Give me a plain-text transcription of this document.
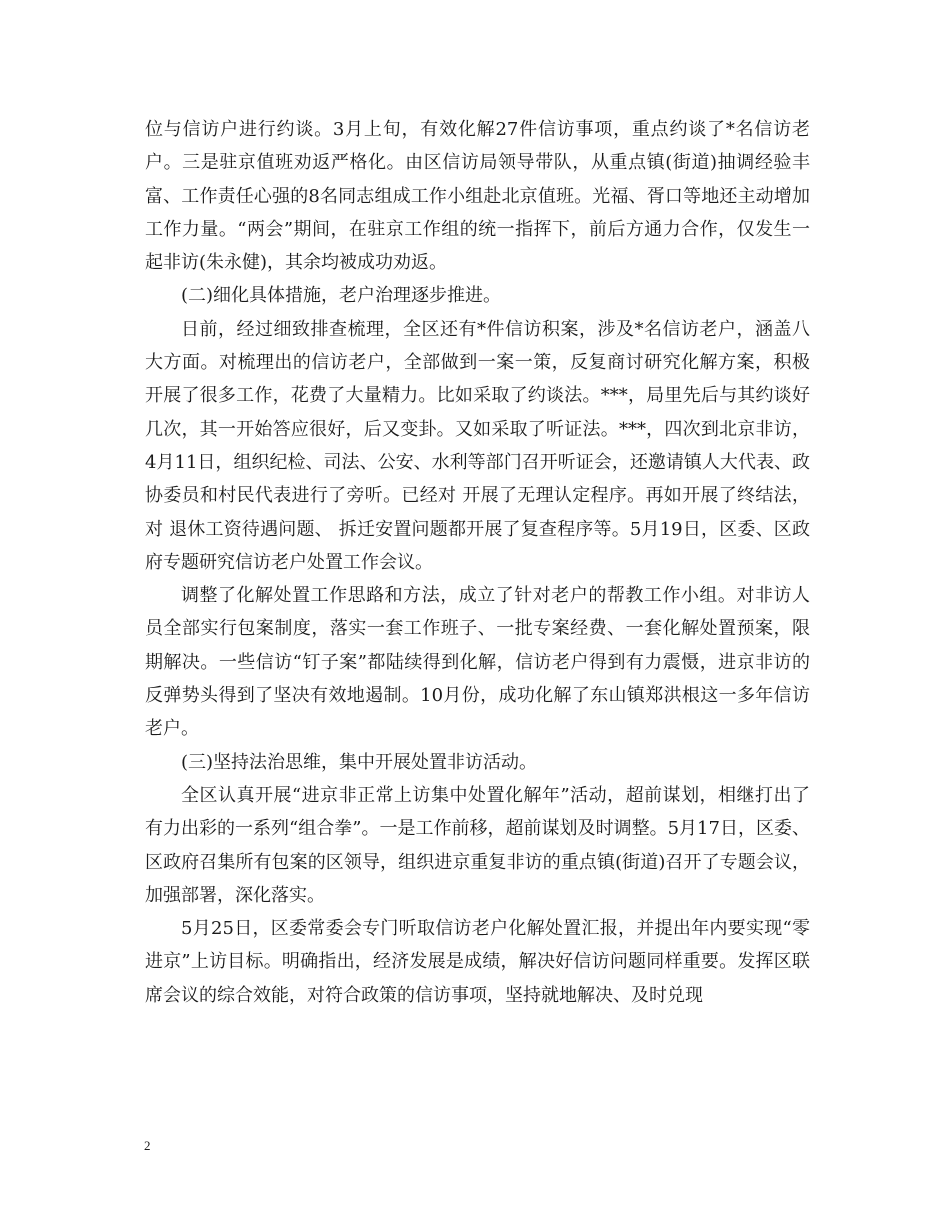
位与信访户进行约谈。3月上旬，有效化解27件信访事项，重点约谈了*名信访老户。三是驻京值班劝返严格化。由区信访局领导带队，从重点镇(街道)抽调经验丰富、工作责任心强的8名同志组成工作小组赴北京值班。光福、胥口等地还主动增加工作力量。“两会”期间，在驻京工作组的统一指挥下，前后方通力合作，仅发生一起非访(朱永健)，其余均被成功劝返。

(二)细化具体措施，老户治理逐步推进。

日前，经过细致排查梳理，全区还有*件信访积案，涉及*名信访老户，涵盖八大方面。对梳理出的信访老户，全部做到一案一策，反复商讨研究化解方案，积极开展了很多工作，花费了大量精力。比如采取了约谈法。***，局里先后与其约谈好几次，其一开始答应很好，后又变卦。又如采取了听证法。***，四次到北京非访，4月11日，组织纪检、司法、公安、水利等部门召开听证会，还邀请镇人大代表、政协委员和村民代表进行了旁听。已经对 开展了无理认定程序。再如开展了终结法，对 退休工资待遇问题、 拆迁安置问题都开展了复查程序等。5月19日，区委、区政府专题研究信访老户处置工作会议。

调整了化解处置工作思路和方法，成立了针对老户的帮教工作小组。对非访人员全部实行包案制度，落实一套工作班子、一批专案经费、一套化解处置预案，限期解决。一些信访“钉子案”都陆续得到化解，信访老户得到有力震慑，进京非访的反弹势头得到了坚决有效地遏制。10月份，成功化解了东山镇郑洪根这一多年信访老户。

(三)坚持法治思维，集中开展处置非访活动。

全区认真开展“进京非正常上访集中处置化解年”活动，超前谋划，相继打出了有力出彩的一系列“组合拳”。一是工作前移，超前谋划及时调整。5月17日，区委、区政府召集所有包案的区领导，组织进京重复非访的重点镇(街道)召开了专题会议，加强部署，深化落实。

5月25日，区委常委会专门听取信访老户化解处置汇报，并提出年内要实现“零进京”上访目标。明确指出，经济发展是成绩，解决好信访问题同样重要。发挥区联席会议的综合效能，对符合政策的信访事项，坚持就地解决、及时兑现

2
